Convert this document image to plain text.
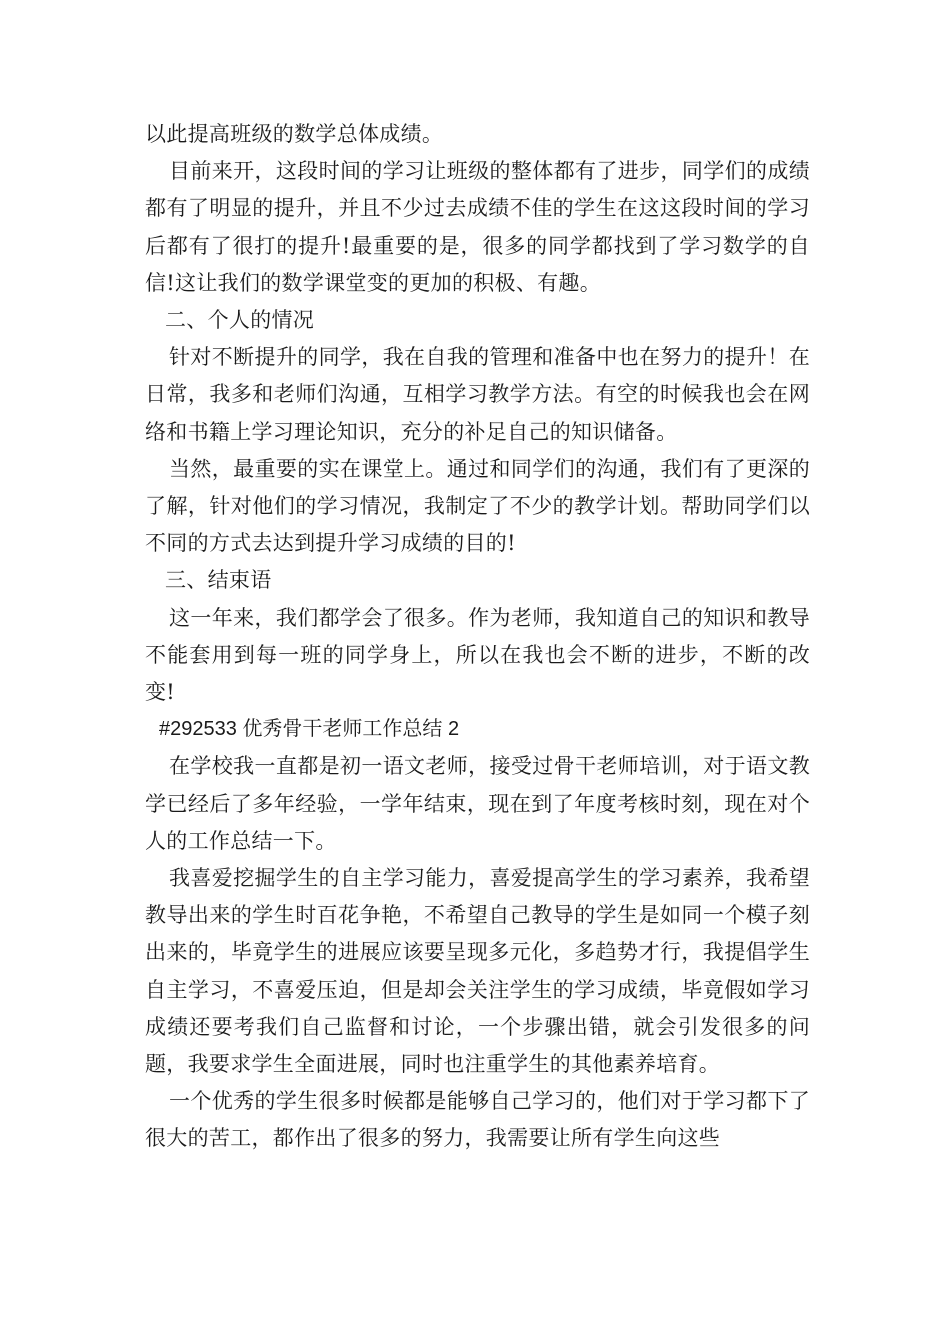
以此提高班级的数学总体成绩。

目前来开，这段时间的学习让班级的整体都有了进步，同学们的成绩都有了明显的提升，并且不少过去成绩不佳的学生在这这段时间的学习后都有了很打的提升!最重要的是，很多的同学都找到了学习数学的自信!这让我们的数学课堂变的更加的积极、有趣。

二、个人的情况

针对不断提升的同学，我在自我的管理和准备中也在努力的提升！在日常，我多和老师们沟通，互相学习教学方法。有空的时候我也会在网络和书籍上学习理论知识，充分的补足自己的知识储备。

当然，最重要的实在课堂上。通过和同学们的沟通，我们有了更深的了解，针对他们的学习情况，我制定了不少的教学计划。帮助同学们以不同的方式去达到提升学习成绩的目的!

三、结束语

这一年来，我们都学会了很多。作为老师，我知道自己的知识和教导不能套用到每一班的同学身上，所以在我也会不断的进步，不断的改变!

#292533 优秀骨干老师工作总结 2

在学校我一直都是初一语文老师，接受过骨干老师培训，对于语文教学已经后了多年经验，一学年结束，现在到了年度考核时刻，现在对个人的工作总结一下。

我喜爱挖掘学生的自主学习能力，喜爱提高学生的学习素养，我希望教导出来的学生时百花争艳，不希望自己教导的学生是如同一个模子刻出来的，毕竟学生的进展应该要呈现多元化，多趋势才行，我提倡学生自主学习，不喜爱压迫，但是却会关注学生的学习成绩，毕竟假如学习成绩还要考我们自己监督和讨论，一个步骤出错，就会引发很多的问题，我要求学生全面进展，同时也注重学生的其他素养培育。

一个优秀的学生很多时候都是能够自己学习的，他们对于学习都下了很大的苦工，都作出了很多的努力，我需要让所有学生向这些
